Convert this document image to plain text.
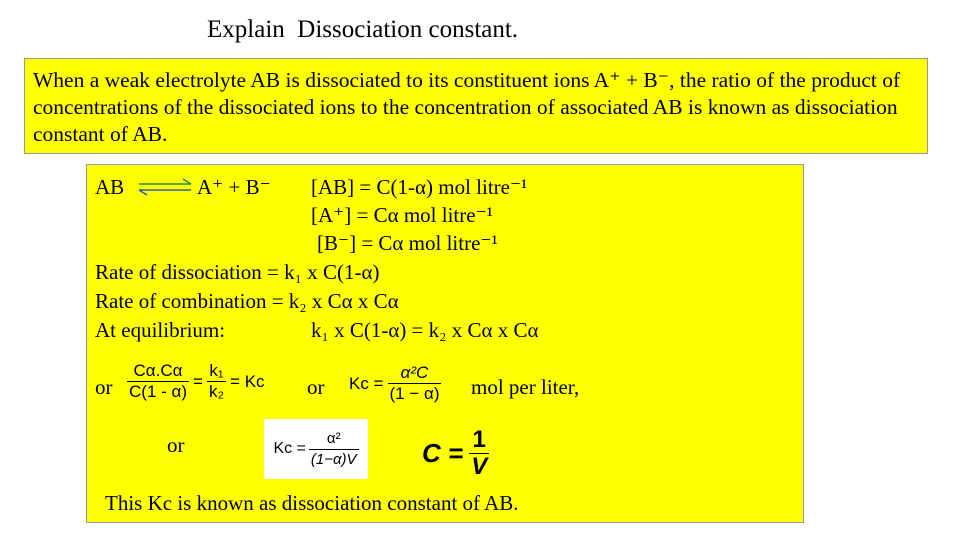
Explain  Dissociation constant.
When a weak electrolyte AB is dissociated to its constituent ions A⁺ + B⁻, the ratio of the product of concentrations of the dissociated ions to the concentration of associated AB is known as dissociation constant of AB.
AB ⇌ A⁺ + B⁻ [AB] = C(1-α) mol litre⁻¹
[A⁺] = Cα mol litre⁻¹
[B⁻] = Cα mol litre⁻¹
Rate of dissociation = k₁ x C(1-α)
Rate of combination = k₂ x Cα x Cα
At equilibrium:	k₁ x C(1-α) = k₂ x Cα x Cα
or $\frac{C\alpha.C\alpha}{C(1 - \alpha)} = \frac{\text{k₁}}{\text{k₂}}$ = Kᴄ or Kᴄ = $\frac{\text{α²C}}{(1 - \alpha)}$ mol per liter,
or	Kᴄ = $\frac{\text{α²}}{(1-\alpha)V}$ $C = \frac{1}{V}$
This Kc is known as dissociation constant of AB.
